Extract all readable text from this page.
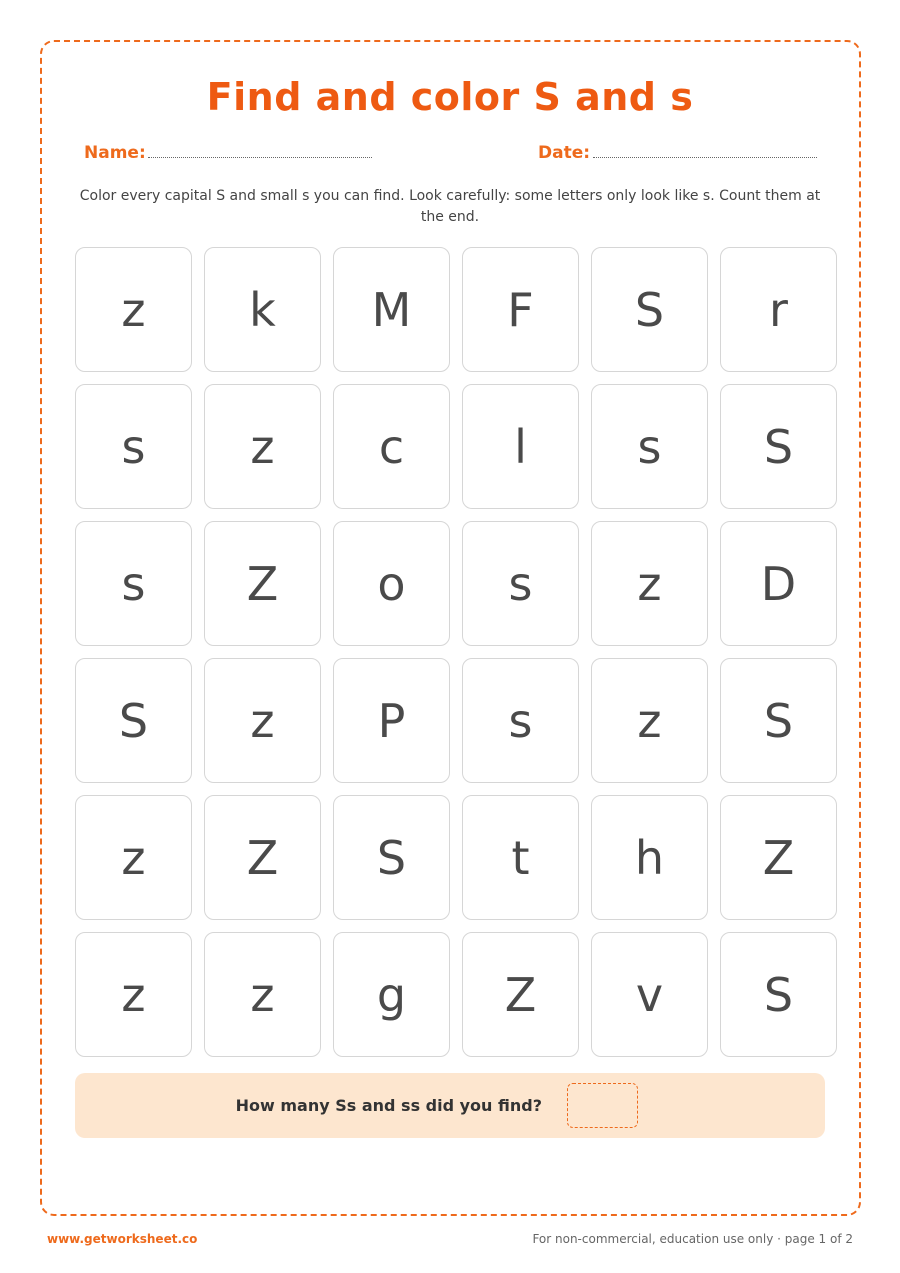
Find and color S and s
Name:	Date:
Color every capital S and small s you can find. Look carefully: some letters only look like s. Count them at the end.
z	k	M	F	S	r
s	z	c	l	s	S
s	Z	o	s	z	D
S	z	P	s	z	S
z	Z	S	t	h	Z
z	z	g	Z	v	S
How many Ss and ss did you find?
www.getworksheet.co	For non-commercial, education use only · page 1 of 2
